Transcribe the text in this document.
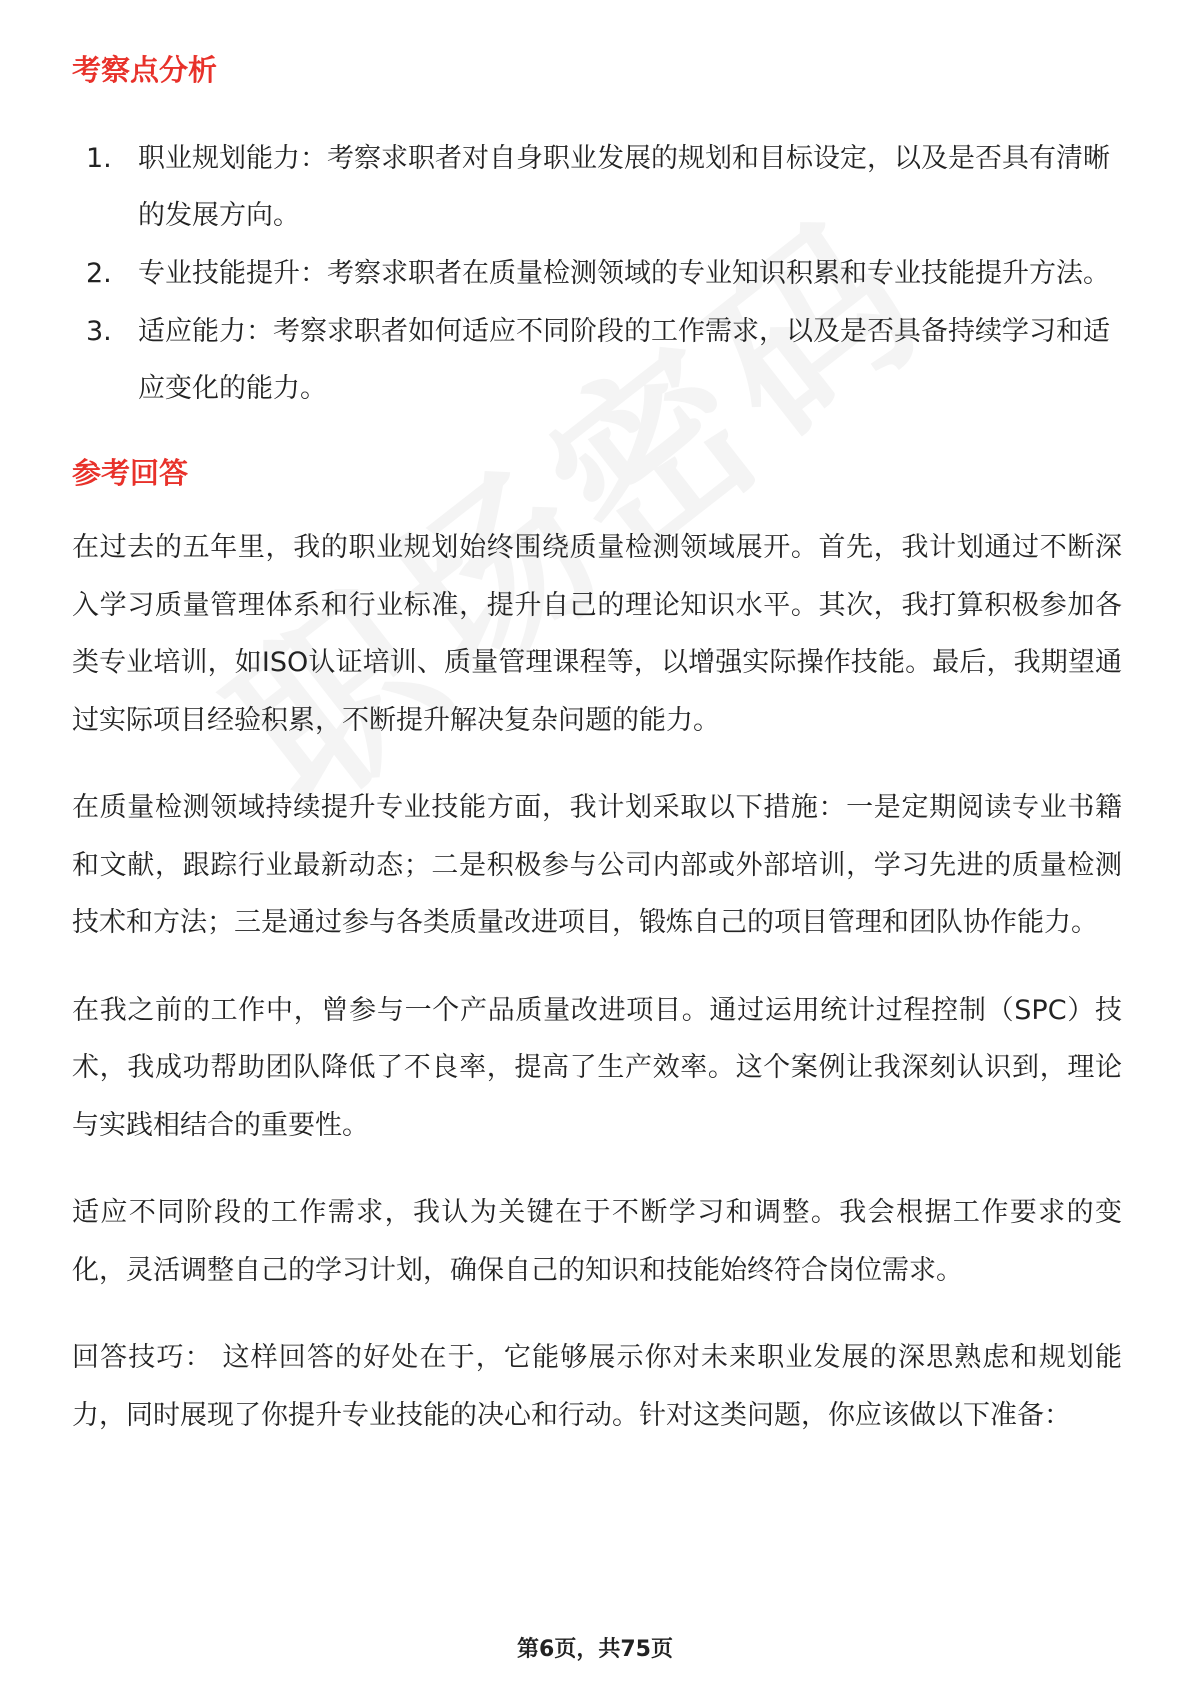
考察点分析
1. 职业规划能力：考察求职者对自身职业发展的规划和目标设定，以及是否具有清晰的发展方向。
2. 专业技能提升：考察求职者在质量检测领域的专业知识积累和专业技能提升方法。
3. 适应能力：考察求职者如何适应不同阶段的工作需求，以及是否具备持续学习和适应变化的能力。
参考回答

在过去的五年里，我的职业规划始终围绕质量检测领域展开。首先，我计划通过不断深入学习质量管理体系和行业标准，提升自己的理论知识水平。其次，我打算积极参加各类专业培训，如ISO认证培训、质量管理课程等，以增强实际操作技能。最后，我期望通过实际项目经验积累，不断提升解决复杂问题的能力。

在质量检测领域持续提升专业技能方面，我计划采取以下措施：一是定期阅读专业书籍和文献，跟踪行业最新动态；二是积极参与公司内部或外部培训，学习先进的质量检测技术和方法；三是通过参与各类质量改进项目，锻炼自己的项目管理和团队协作能力。

在我之前的工作中，曾参与一个产品质量改进项目。通过运用统计过程控制（SPC）技术，我成功帮助团队降低了不良率，提高了生产效率。这个案例让我深刻认识到，理论与实践相结合的重要性。

适应不同阶段的工作需求，我认为关键在于不断学习和调整。我会根据工作要求的变化，灵活调整自己的学习计划，确保自己的知识和技能始终符合岗位需求。

回答技巧： 这样回答的好处在于，它能够展示你对未来职业发展的深思熟虑和规划能力，同时展现了你提升专业技能的决心和行动。针对这类问题，你应该做以下准备：

第6页，共75页
